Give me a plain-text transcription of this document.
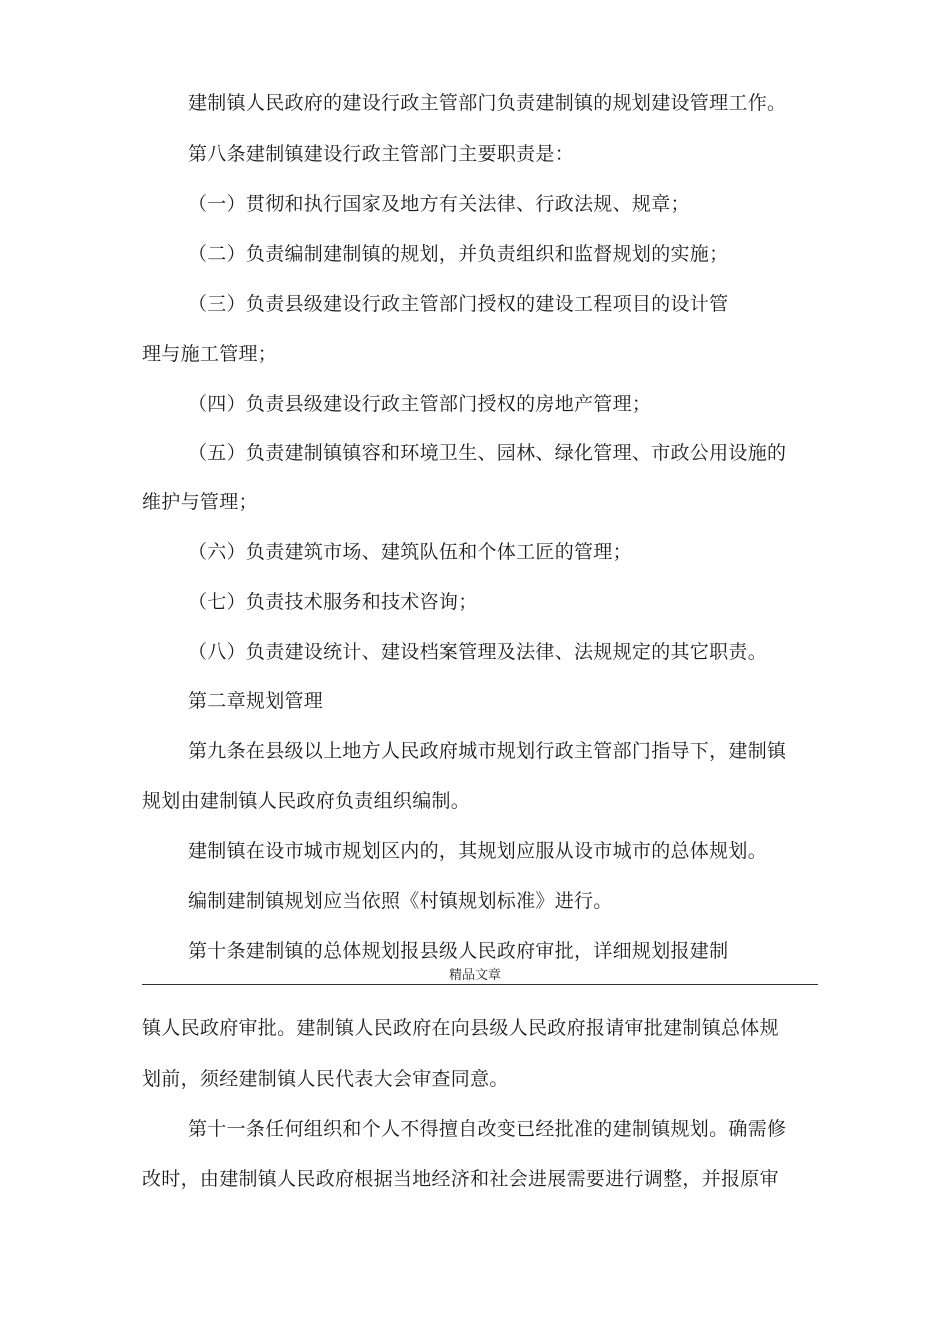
建制镇人民政府的建设行政主管部门负责建制镇的规划建设管理工作。
第八条建制镇建设行政主管部门主要职责是：
（一）贯彻和执行国家及地方有关法律、行政法规、规章；
（二）负责编制建制镇的规划，并负责组织和监督规划的实施；
（三）负责县级建设行政主管部门授权的建设工程项目的设计管
理与施工管理；
（四）负责县级建设行政主管部门授权的房地产管理；
（五）负责建制镇镇容和环境卫生、园林、绿化管理、市政公用设施的
维护与管理；
（六）负责建筑市场、建筑队伍和个体工匠的管理；
（七）负责技术服务和技术咨询；
（八）负责建设统计、建设档案管理及法律、法规规定的其它职责。
第二章规划管理
第九条在县级以上地方人民政府城市规划行政主管部门指导下，建制镇
规划由建制镇人民政府负责组织编制。
建制镇在设市城市规划区内的，其规划应服从设市城市的总体规划。
编制建制镇规划应当依照《村镇规划标准》进行。
第十条建制镇的总体规划报县级人民政府审批，详细规划报建制
精品文章
镇人民政府审批。建制镇人民政府在向县级人民政府报请审批建制镇总体规
划前，须经建制镇人民代表大会审查同意。
第十一条任何组织和个人不得擅自改变已经批准的建制镇规划。确需修
改时，由建制镇人民政府根据当地经济和社会进展需要进行调整，并报原审
